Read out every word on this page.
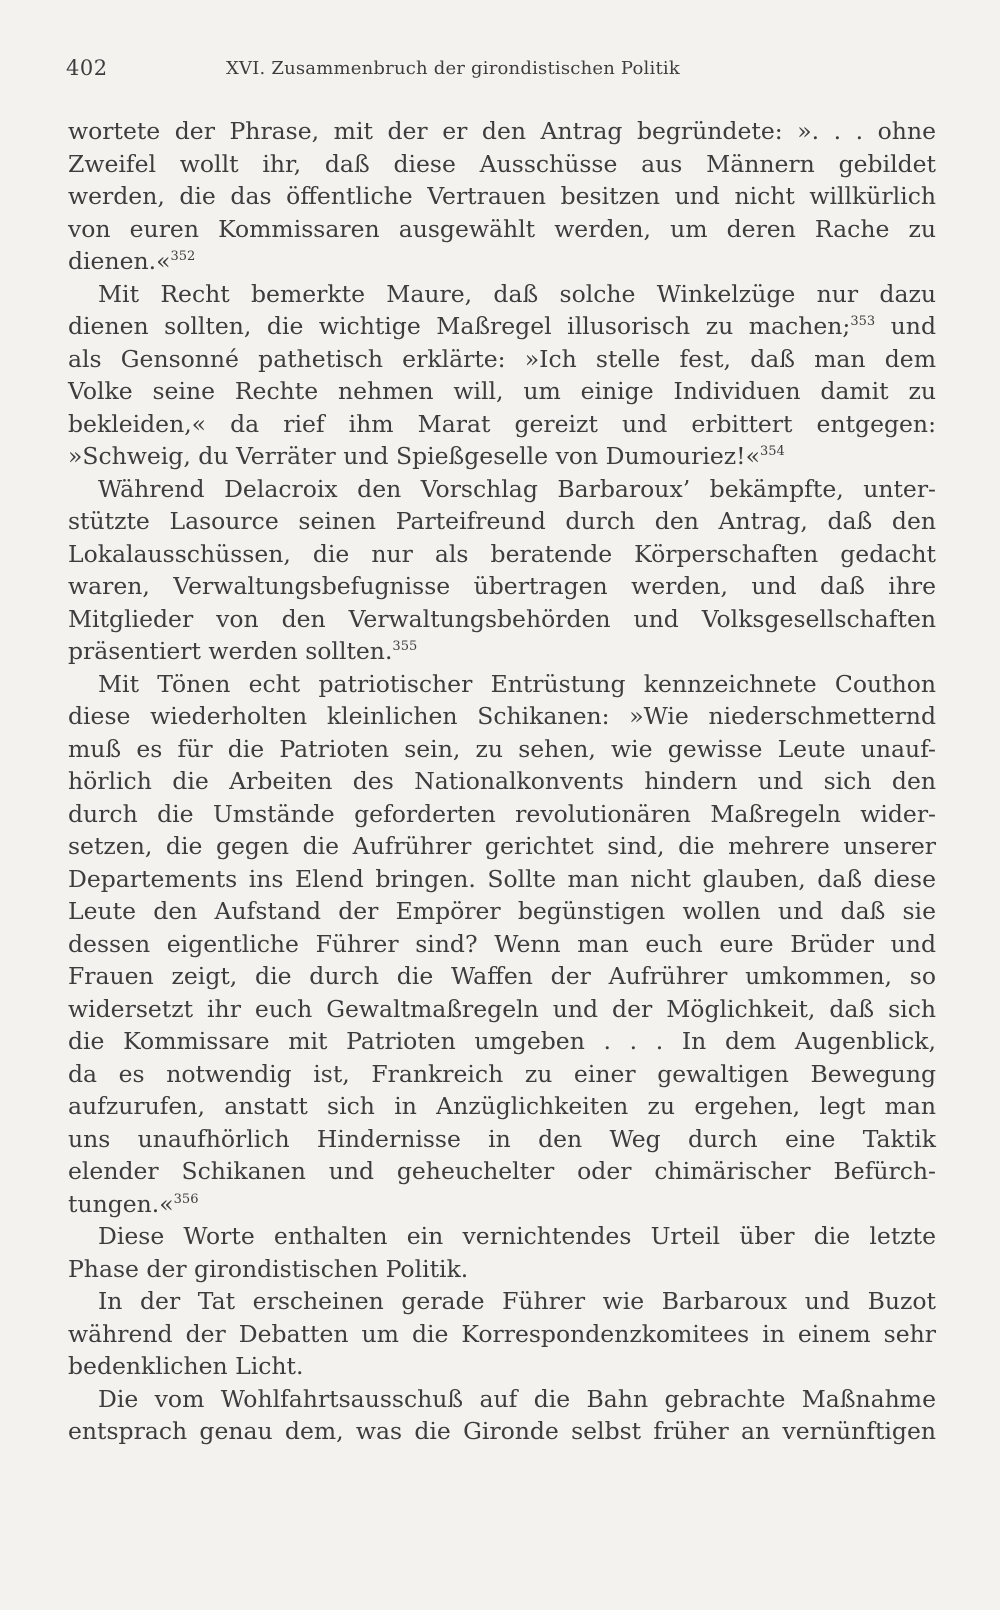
402	XVI. Zusammenbruch der girondistischen Politik
wortete der Phrase, mit der er den Antrag begründete: ». . . ohne
Zweifel wollt ihr, daß diese Ausschüsse aus Männern gebildet
werden, die das öffentliche Vertrauen besitzen und nicht willkürlich
von euren Kommissaren ausgewählt werden, um deren Rache zu
dienen.«$^{352}$
Mit Recht bemerkte Maure, daß solche Winkelzüge nur dazu
dienen sollten, die wichtige Maßregel illusorisch zu machen;$^{353}$ und
als Gensonné pathetisch erklärte: »Ich stelle fest, daß man dem
Volke seine Rechte nehmen will, um einige Individuen damit zu
bekleiden,« da rief ihm Marat gereizt und erbittert entgegen:
»Schweig, du Verräter und Spießgeselle von Dumouriez!«$^{354}$
Während Delacroix den Vorschlag Barbaroux’ bekämpfte, unter-
stützte Lasource seinen Parteifreund durch den Antrag, daß den
Lokalausschüssen, die nur als beratende Körperschaften gedacht
waren, Verwaltungsbefugnisse übertragen werden, und daß ihre
Mitglieder von den Verwaltungsbehörden und Volksgesellschaften
präsentiert werden sollten.$^{355}$
Mit Tönen echt patriotischer Entrüstung kennzeichnete Couthon
diese wiederholten kleinlichen Schikanen: »Wie niederschmetternd
muß es für die Patrioten sein, zu sehen, wie gewisse Leute unauf-
hörlich die Arbeiten des Nationalkonvents hindern und sich den
durch die Umstände geforderten revolutionären Maßregeln wider-
setzen, die gegen die Aufrührer gerichtet sind, die mehrere unserer
Departements ins Elend bringen. Sollte man nicht glauben, daß diese
Leute den Aufstand der Empörer begünstigen wollen und daß sie
dessen eigentliche Führer sind? Wenn man euch eure Brüder und
Frauen zeigt, die durch die Waffen der Aufrührer umkommen, so
widersetzt ihr euch Gewaltmaßregeln und der Möglichkeit, daß sich
die Kommissare mit Patrioten umgeben . . . In dem Augenblick,
da es notwendig ist, Frankreich zu einer gewaltigen Bewegung
aufzurufen, anstatt sich in Anzüglichkeiten zu ergehen, legt man
uns unaufhörlich Hindernisse in den Weg durch eine Taktik
elender Schikanen und geheuchelter oder chimärischer Befürch-
tungen.«$^{356}$
Diese Worte enthalten ein vernichtendes Urteil über die letzte
Phase der girondistischen Politik.
In der Tat erscheinen gerade Führer wie Barbaroux und Buzot
während der Debatten um die Korrespondenzkomitees in einem sehr
bedenklichen Licht.
Die vom Wohlfahrtsausschuß auf die Bahn gebrachte Maßnahme
entsprach genau dem, was die Gironde selbst früher an vernünftigen
